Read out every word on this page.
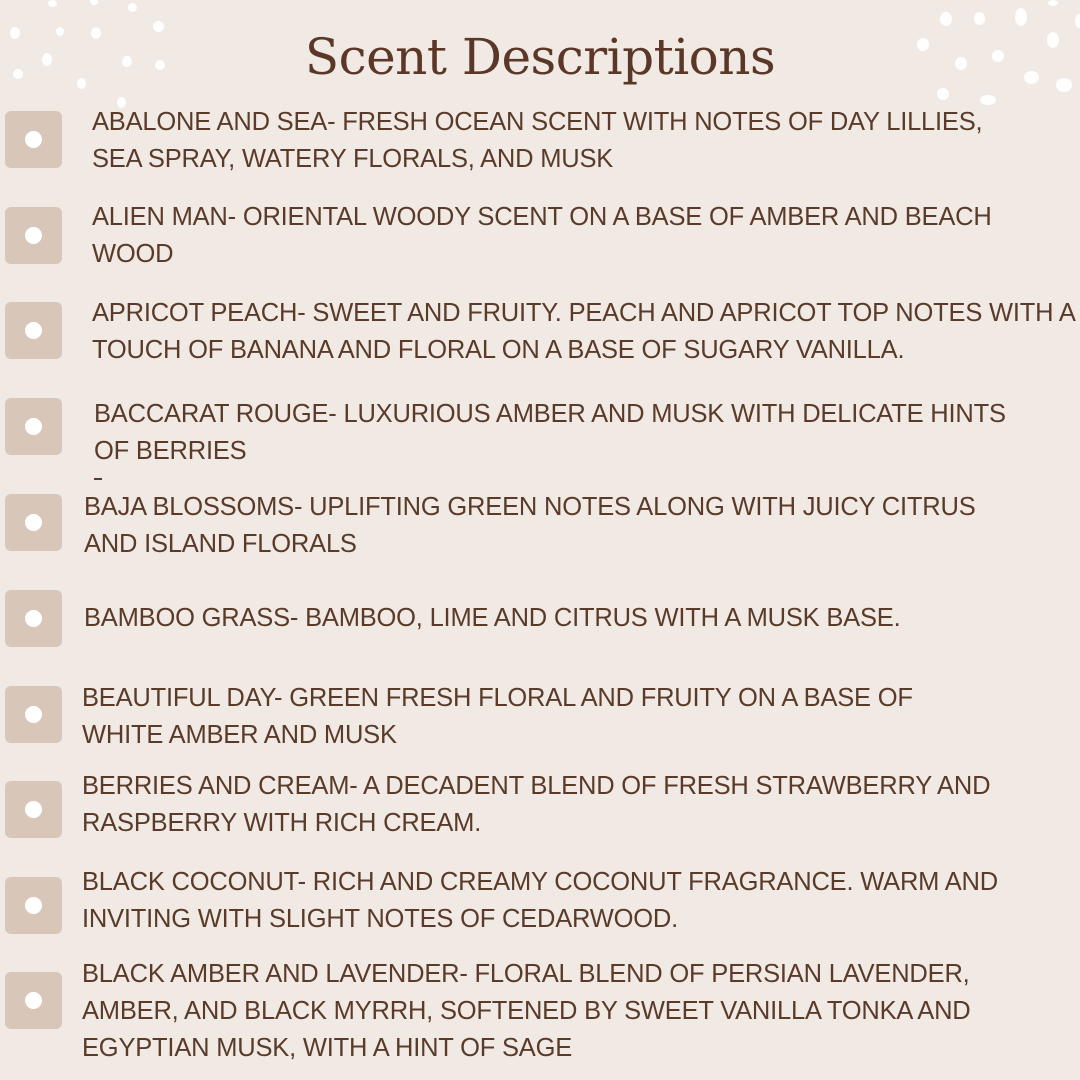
Scent Descriptions
ABALONE AND SEA- FRESH OCEAN SCENT WITH NOTES OF DAY LILLIES,
SEA SPRAY, WATERY FLORALS, AND MUSK
ALIEN MAN- ORIENTAL WOODY SCENT ON A BASE OF AMBER AND BEACH
WOOD
APRICOT PEACH- SWEET AND FRUITY. PEACH AND APRICOT TOP NOTES WITH A
TOUCH OF BANANA AND FLORAL ON A BASE OF SUGARY VANILLA.
BACCARAT ROUGE- LUXURIOUS AMBER AND MUSK WITH DELICATE HINTS
OF BERRIES
BAJA BLOSSOMS- UPLIFTING GREEN NOTES ALONG WITH JUICY CITRUS
AND ISLAND FLORALS
BAMBOO GRASS- BAMBOO, LIME AND CITRUS WITH A MUSK BASE.
BEAUTIFUL DAY- GREEN FRESH FLORAL AND FRUITY ON A BASE OF
WHITE AMBER AND MUSK
BERRIES AND CREAM- A DECADENT BLEND OF FRESH STRAWBERRY AND
RASPBERRY WITH RICH CREAM.
BLACK COCONUT- RICH AND CREAMY COCONUT FRAGRANCE. WARM AND
INVITING WITH SLIGHT NOTES OF CEDARWOOD.
BLACK AMBER AND LAVENDER- FLORAL BLEND OF PERSIAN LAVENDER,
AMBER, AND BLACK MYRRH, SOFTENED BY SWEET VANILLA TONKA AND
EGYPTIAN MUSK, WITH A HINT OF SAGE
